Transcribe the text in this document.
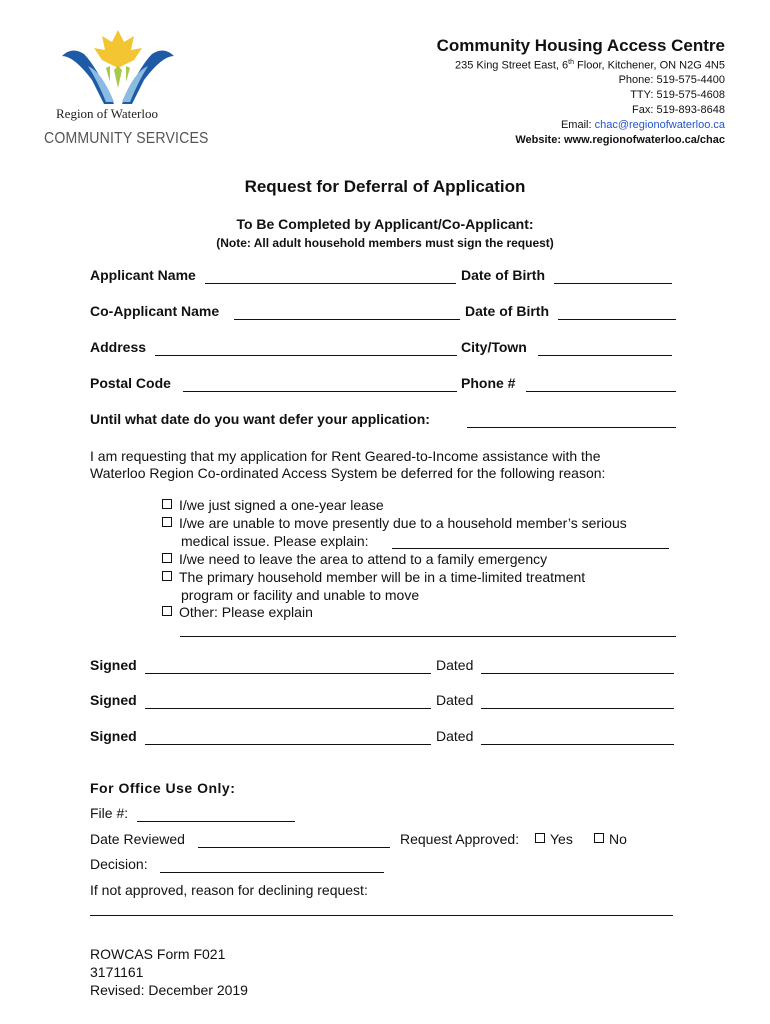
Region of Waterloo
COMMUNITY SERVICES
Community Housing Access Centre
235 King Street East, 6th Floor, Kitchener, ON N2G 4N5
Phone: 519-575-4400
TTY: 519-575-4608
Fax: 519-893-8648
Email: chac@regionofwaterloo.ca
Website: www.regionofwaterloo.ca/chac
Request for Deferral of Application
To Be Completed by Applicant/Co-Applicant:
(Note: All adult household members must sign the request)
Applicant Name	Date of Birth
Co-Applicant Name	Date of Birth
Address	City/Town
Postal Code	Phone #
Until what date do you want defer your application:
I am requesting that my application for Rent Geared-to-Income assistance with the
Waterloo Region Co-ordinated Access System be deferred for the following reason:
I/we just signed a one-year lease
I/we are unable to move presently due to a household member’s serious
medical issue. Please explain:
I/we need to leave the area to attend to a family emergency
The primary household member will be in a time-limited treatment
program or facility and unable to move
Other: Please explain
Signed	Dated
Signed	Dated
Signed	Dated
For Office Use Only:
File #:
Date Reviewed	Request Approved:	Yes	No
Decision:
If not approved, reason for declining request:
ROWCAS Form F021
3171161
Revised: December 2019
